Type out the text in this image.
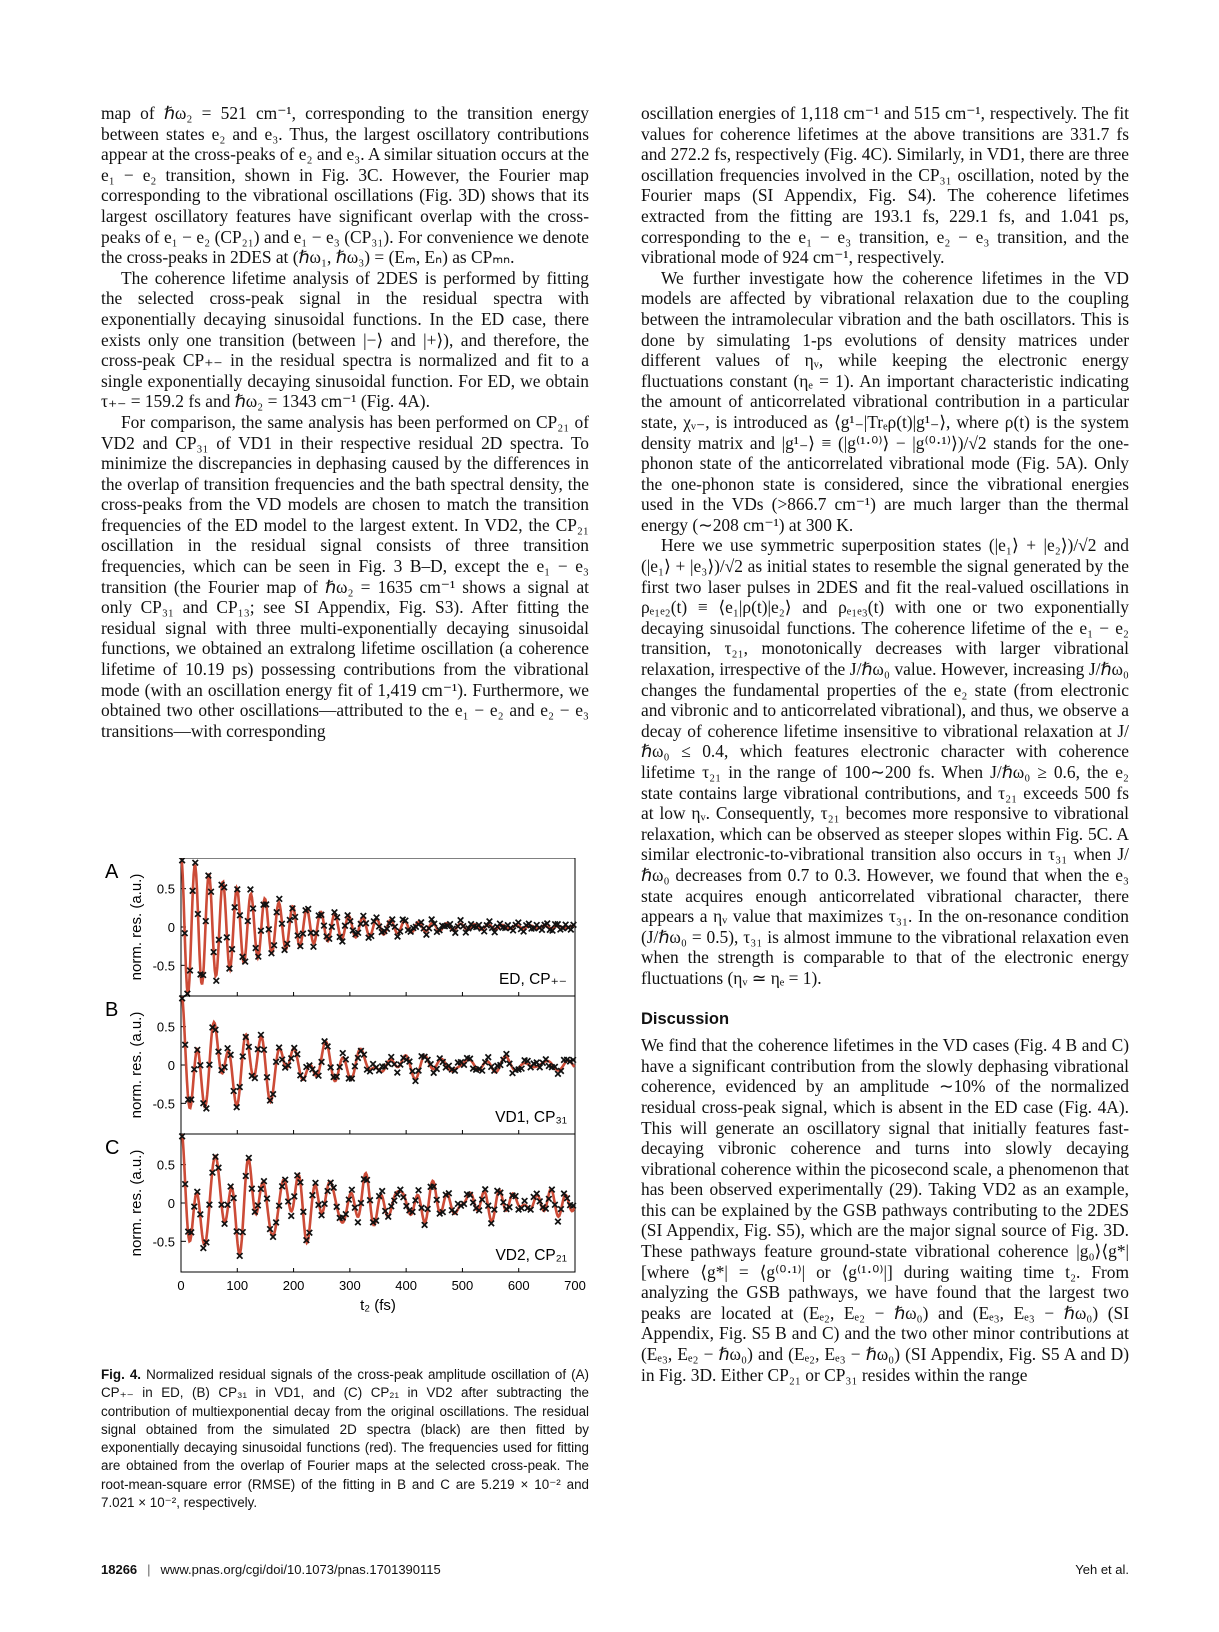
map of ℏω₂ = 521 cm⁻¹, corresponding to the transition energy between states e₂ and e₃. Thus, the largest oscillatory contributions appear at the cross-peaks of e₂ and e₃. A similar situation occurs at the e₁ − e₂ transition, shown in Fig. 3C. However, the Fourier map corresponding to the vibrational oscillations (Fig. 3D) shows that its largest oscillatory features have significant overlap with the cross-peaks of e₁ − e₂ (CP₂₁) and e₁ − e₃ (CP₃₁). For convenience we denote the cross-peaks in 2DES at (ℏω₁, ℏω₃) = (Eₘ, Eₙ) as CPₘₙ.

The coherence lifetime analysis of 2DES is performed by fitting the selected cross-peak signal in the residual spectra with exponentially decaying sinusoidal functions. In the ED case, there exists only one transition (between |−⟩ and |+⟩), and therefore, the cross-peak CP₊₋ in the residual spectra is normalized and fit to a single exponentially decaying sinusoidal function. For ED, we obtain τ₊₋ = 159.2 fs and ℏω₂ = 1343 cm⁻¹ (Fig. 4A).

For comparison, the same analysis has been performed on CP₂₁ of VD2 and CP₃₁ of VD1 in their respective residual 2D spectra. To minimize the discrepancies in dephasing caused by the differences in the overlap of transition frequencies and the bath spectral density, the cross-peaks from the VD models are chosen to match the transition frequencies of the ED model to the largest extent. In VD2, the CP₂₁ oscillation in the residual signal consists of three transition frequencies, which can be seen in Fig. 3 B–D, except the e₁ − e₃ transition (the Fourier map of ℏω₂ = 1635 cm⁻¹ shows a signal at only CP₃₁ and CP₁₃; see SI Appendix, Fig. S3). After fitting the residual signal with three multi-exponentially decaying sinusoidal functions, we obtained an extralong lifetime oscillation (a coherence lifetime of 10.19 ps) possessing contributions from the vibrational mode (with an oscillation energy fit of 1,419 cm⁻¹). Furthermore, we obtained two other oscillations—attributed to the e₁ − e₂ and e₂ − e₃ transitions—with corresponding

oscillation energies of 1,118 cm⁻¹ and 515 cm⁻¹, respectively. The fit values for coherence lifetimes at the above transitions are 331.7 fs and 272.2 fs, respectively (Fig. 4C). Similarly, in VD1, there are three oscillation frequencies involved in the CP₃₁ oscillation, noted by the Fourier maps (SI Appendix, Fig. S4). The coherence lifetimes extracted from the fitting are 193.1 fs, 229.1 fs, and 1.041 ps, corresponding to the e₁ − e₃ transition, e₂ − e₃ transition, and the vibrational mode of 924 cm⁻¹, respectively.

We further investigate how the coherence lifetimes in the VD models are affected by vibrational relaxation due to the coupling between the intramolecular vibration and the bath oscillators. This is done by simulating 1-ps evolutions of density matrices under different values of ηᵥ, while keeping the electronic energy fluctuations constant (ηₑ = 1). An important characteristic indicating the amount of anticorrelated vibrational contribution in a particular state, χᵥ₋, is introduced as ⟨g¹₋|Trₑρ(t)|g¹₋⟩, where ρ(t) is the system density matrix and |g¹₋⟩ ≡ (|g⁽¹·⁰⁾⟩ − |g⁽⁰·¹⁾⟩)/√2 stands for the one-phonon state of the anticorrelated vibrational mode (Fig. 5A). Only the one-phonon state is considered, since the vibrational energies used in the VDs (>866.7 cm⁻¹) are much larger than the thermal energy (∼208 cm⁻¹) at 300 K.

Here we use symmetric superposition states (|e₁⟩ + |e₂⟩)/√2 and (|e₁⟩ + |e₃⟩)/√2 as initial states to resemble the signal generated by the first two laser pulses in 2DES and fit the real-valued oscillations in ρₑ₁ₑ₂(t) ≡ ⟨e₁|ρ(t)|e₂⟩ and ρₑ₁ₑ₃(t) with one or two exponentially decaying sinusoidal functions. The coherence lifetime of the e₁ − e₂ transition, τ₂₁, monotonically decreases with larger vibrational relaxation, irrespective of the J/ℏω₀ value. However, increasing J/ℏω₀ changes the fundamental properties of the e₂ state (from electronic and vibronic and to anticorrelated vibrational), and thus, we observe a decay of coherence lifetime insensitive to vibrational relaxation at J/ℏω₀ ≤ 0.4, which features electronic character with coherence lifetime τ₂₁ in the range of 100∼200 fs. When J/ℏω₀ ≥ 0.6, the e₂ state contains large vibrational contributions, and τ₂₁ exceeds 500 fs at low ηᵥ. Consequently, τ₂₁ becomes more responsive to vibrational relaxation, which can be observed as steeper slopes within Fig. 5C. A similar electronic-to-vibrational transition also occurs in τ₃₁ when J/ℏω₀ decreases from 0.7 to 0.3. However, we found that when the e₃ state acquires enough anticorrelated vibrational character, there appears a ηᵥ value that maximizes τ₃₁. In the on-resonance condition (J/ℏω₀ = 0.5), τ₃₁ is almost immune to the vibrational relaxation even when the strength is comparable to that of the electronic energy fluctuations (ηᵥ ≃ ηₑ = 1).

Discussion

We find that the coherence lifetimes in the VD cases (Fig. 4 B and C) have a significant contribution from the slowly dephasing vibrational coherence, evidenced by an amplitude ∼10% of the normalized residual cross-peak signal, which is absent in the ED case (Fig. 4A). This will generate an oscillatory signal that initially features fast-decaying vibronic coherence and turns into slowly decaying vibrational coherence within the picosecond scale, a phenomenon that has been observed experimentally (29). Taking VD2 as an example, this can be explained by the GSB pathways contributing to the 2DES (SI Appendix, Fig. S5), which are the major signal source of Fig. 3D. These pathways feature ground-state vibrational coherence |g₀⟩⟨g*| [where ⟨g*| = ⟨g⁽⁰·¹⁾| or ⟨g⁽¹·⁰⁾|] during waiting time t₂. From analyzing the GSB pathways, we have found that the largest two peaks are located at (Eₑ₂, Eₑ₂ − ℏω₀) and (Eₑ₃, Eₑ₃ − ℏω₀) (SI Appendix, Fig. S5 B and C) and the two other minor contributions at (Eₑ₃, Eₑ₂ − ℏω₀) and (Eₑ₂, Eₑ₃ − ℏω₀) (SI Appendix, Fig. S5 A and D) in Fig. 3D. Either CP₂₁ or CP₃₁ resides within the range

0.5
0
-0.5
A
norm. res. (a.u.)	ED, CP₊₋
0.5
0
-0.5
B
norm. res. (a.u.)	VD1, CP₃₁
0.5
0
-0.5
C
norm. res. (a.u.)	VD2, CP₂₁
0	100	200	300	400	500	600	700
t₂ (fs)
Fig. 4. Normalized residual signals of the cross-peak amplitude oscillation of (A) CP₊₋ in ED, (B) CP₃₁ in VD1, and (C) CP₂₁ in VD2 after subtracting the contribution of multiexponential decay from the original oscillations. The residual signal obtained from the simulated 2D spectra (black) are then fitted by exponentially decaying sinusoidal functions (red). The frequencies used for fitting are obtained from the overlap of Fourier maps at the selected cross-peak. The root-mean-square error (RMSE) of the fitting in B and C are 5.219 × 10⁻² and 7.021 × 10⁻², respectively.
18266 | www.pnas.org/cgi/doi/10.1073/pnas.1701390115	Yeh et al.
